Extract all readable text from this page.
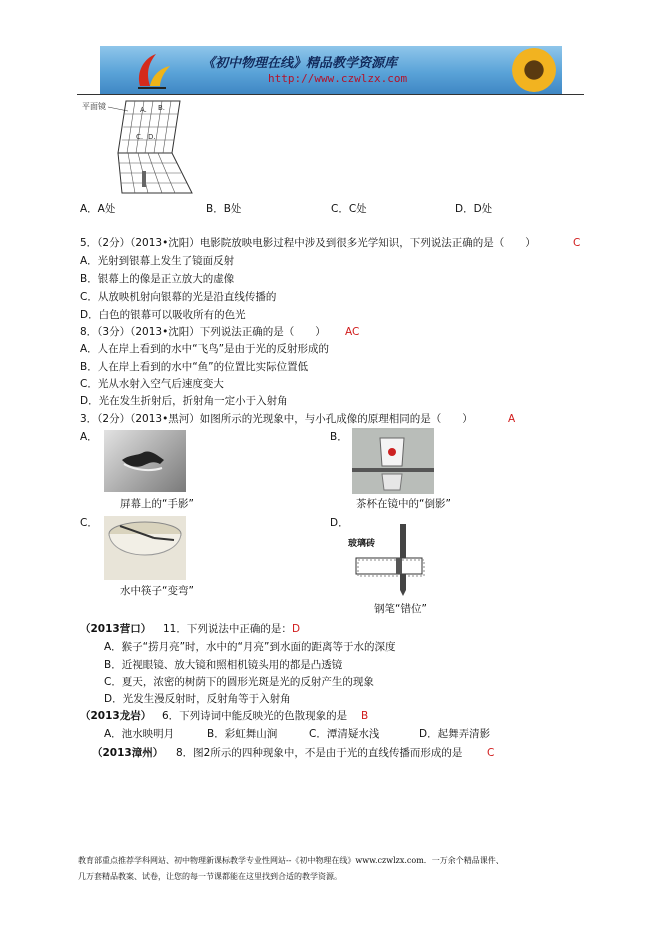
《初中物理在线》精品教学资源库
http://www.czwlzx.com
平面镜	A. B.
C. D.
A．A处	B．B处	C．C处	D．D处
5．（2分）（2013•沈阳）电影院放映电影过程中涉及到很多光学知识，下列说法正确的是（　　）	C
A．光射到银幕上发生了镜面反射
B．银幕上的像是正立放大的虚像
C．从放映机射向银幕的光是沿直线传播的
D．白色的银幕可以吸收所有的色光
8．（3分）（2013•沈阳）下列说法正确的是（　　） AC
A．人在岸上看到的水中“飞鸟”是由于光的反射形成的
B．人在岸上看到的水中“鱼”的位置比实际位置低
C．光从水射入空气后速度变大
D．光在发生折射后，折射角一定小于入射角
3．（2分）（2013•黑河）如图所示的光现象中，与小孔成像的原理相同的是（　　）	A
A．
屏幕上的“手影”
B．
茶杯在镜中的“倒影”
C．
水中筷子“变弯”
D．
玻璃砖
钢笔“错位”
（2013营口） 11．下列说法中正确的是： D
A．猴子“捞月亮”时，水中的“月亮”到水面的距离等于水的深度
B．近视眼镜、放大镜和照相机镜头用的都是凸透镜
C．夏天，浓密的树荫下的圆形光斑是光的反射产生的现象
D．光发生漫反射时，反射角等于入射角
（2013龙岩） 6．下列诗词中能反映光的色散现象的是 B
A．池水映明月	B．彩虹舞山涧	C．潭清疑水浅	D．起舞弄清影
（2013漳州） 8．图2所示的四种现象中，不是由于光的直线传播而形成的是 C
教育部重点推荐学科网站、初中物理新课标教学专业性网站--《初中物理在线》www.czwlzx.com．一万余个精品课件、
几万套精品教案、试卷，让您的每一节课都能在这里找到合适的教学资源。
